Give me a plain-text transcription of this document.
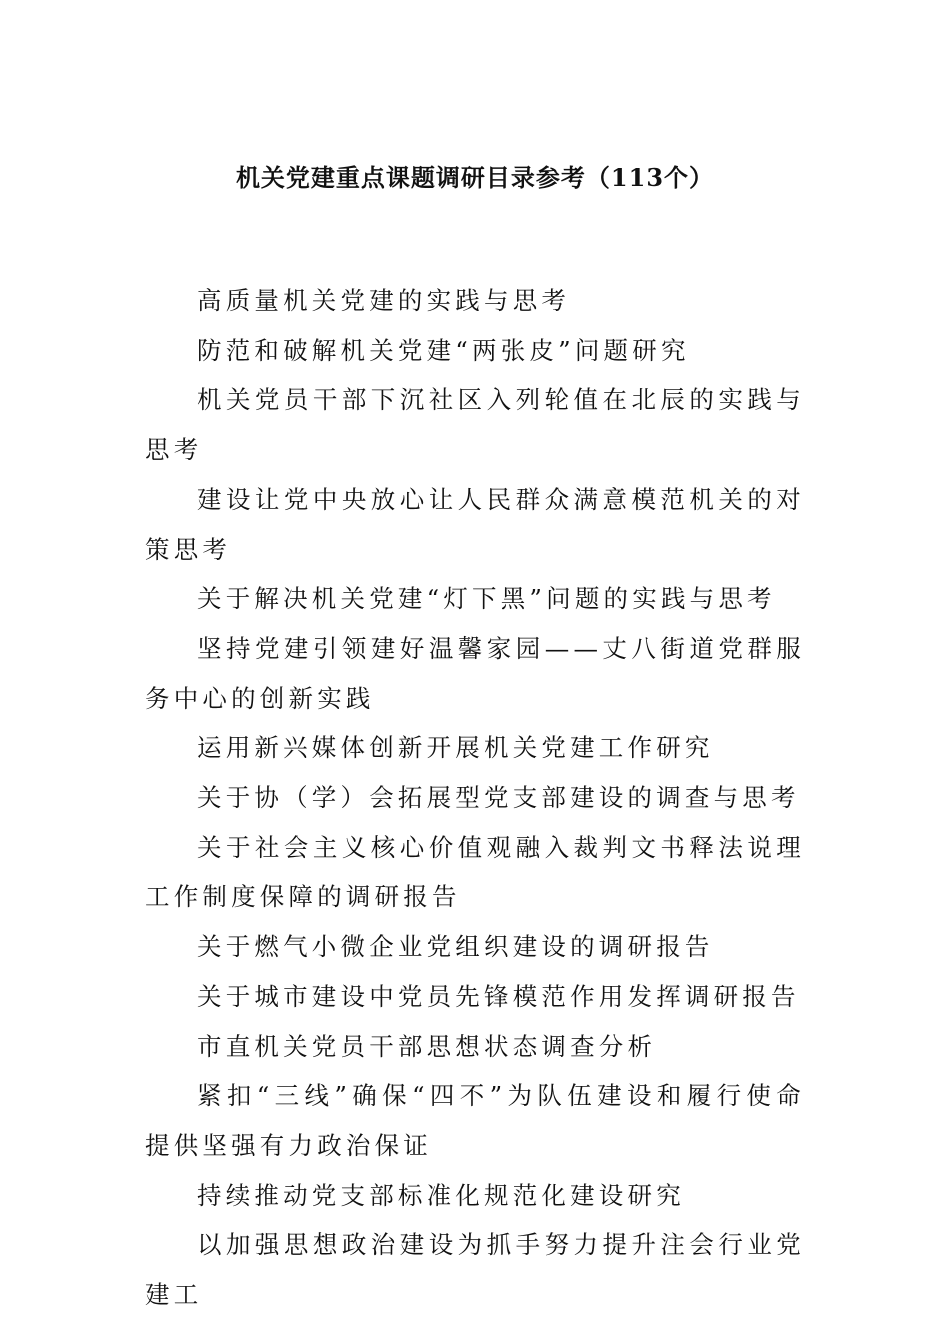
机关党建重点课题调研目录参考（113个）

高质量机关党建的实践与思考

防范和破解机关党建“两张皮”问题研究

机关党员干部下沉社区入列轮值在北辰的实践与思考

建设让党中央放心让人民群众满意模范机关的对策思考

关于解决机关党建“灯下黑”问题的实践与思考

坚持党建引领建好温馨家园——丈八街道党群服务中心的创新实践

运用新兴媒体创新开展机关党建工作研究

关于协（学）会拓展型党支部建设的调查与思考

关于社会主义核心价值观融入裁判文书释法说理工作制度保障的调研报告

关于燃气小微企业党组织建设的调研报告

关于城市建设中党员先锋模范作用发挥调研报告

市直机关党员干部思想状态调查分析

紧扣“三线”确保“四不”为队伍建设和履行使命提供坚强有力政治保证

持续推动党支部标准化规范化建设研究

以加强思想政治建设为抓手努力提升注会行业党建工
